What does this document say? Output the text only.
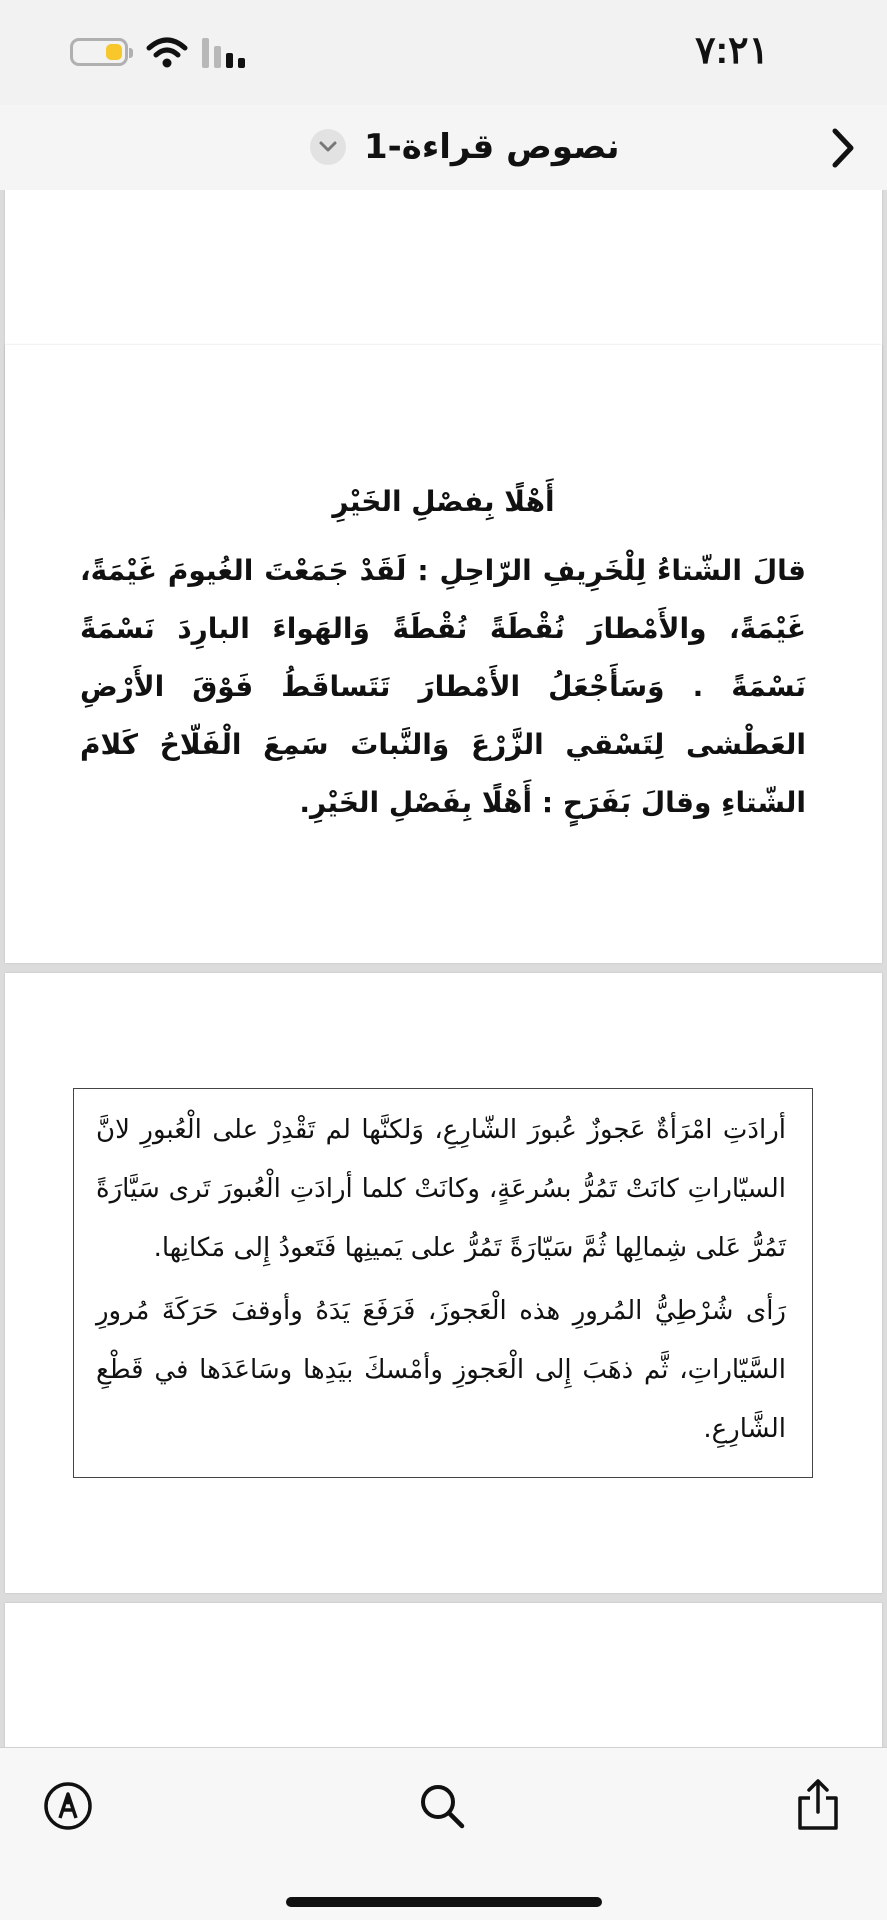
٧:٢١
نصوص قراءة-1
أَهْلًا بِفصْلِ الخَيْرِ
قالَ الشّتاءُ لِلْخَرِيفِ الرّاحِلِ : لَقَدْ جَمَعْتَ الغُيومَ غَيْمَةً، غَيْمَةً، والأَمْطارَ نُقْطَةً نُقْطَةً وَالهَواءَ البارِدَ نَسْمَةً نَسْمَةً . وَسَأَجْعَلُ الأَمْطارَ تَتَساقَطُ فَوْقَ الأَرْضِ العَطْشى لِتَسْقي الزَّرْعَ وَالنَّباتَ سَمِعَ الْفَلّاحُ كَلامَ الشّتاءِ وقالَ بَفَرَحٍ : أَهْلًا بِفَصْلِ الخَيْرِ.

أرادَتِ امْرَأةٌ عَجوزٌ عُبورَ الشّارِعِ، وَلكنَّها لم تَقْدِرْ على الْعُبورِ لانَّ السيّاراتِ كانَتْ تَمُرُّ بسُرعَةٍ، وكانَتْ كلما أرادَتِ الْعُبورَ تَرى سَيَّارَةً تَمُرُّ عَلى شِمالِها ثُمَّ سَيّارَةً تَمُرُّ على يَمينِها فَتَعودُ إِلى مَكانِها.

رَأى شُرْطِيُّ المُرورِ هذه الْعَجوزَ، فَرَفَعَ يَدَهُ وأوقفَ حَرَكَةَ مُرورِ السَّيّاراتِ، ثَّم ذهَبَ إِلى الْعَجوزِ وأمْسكَ بيَدِها وسَاعَدَها في قَطْعِ الشَّارِعِ.
